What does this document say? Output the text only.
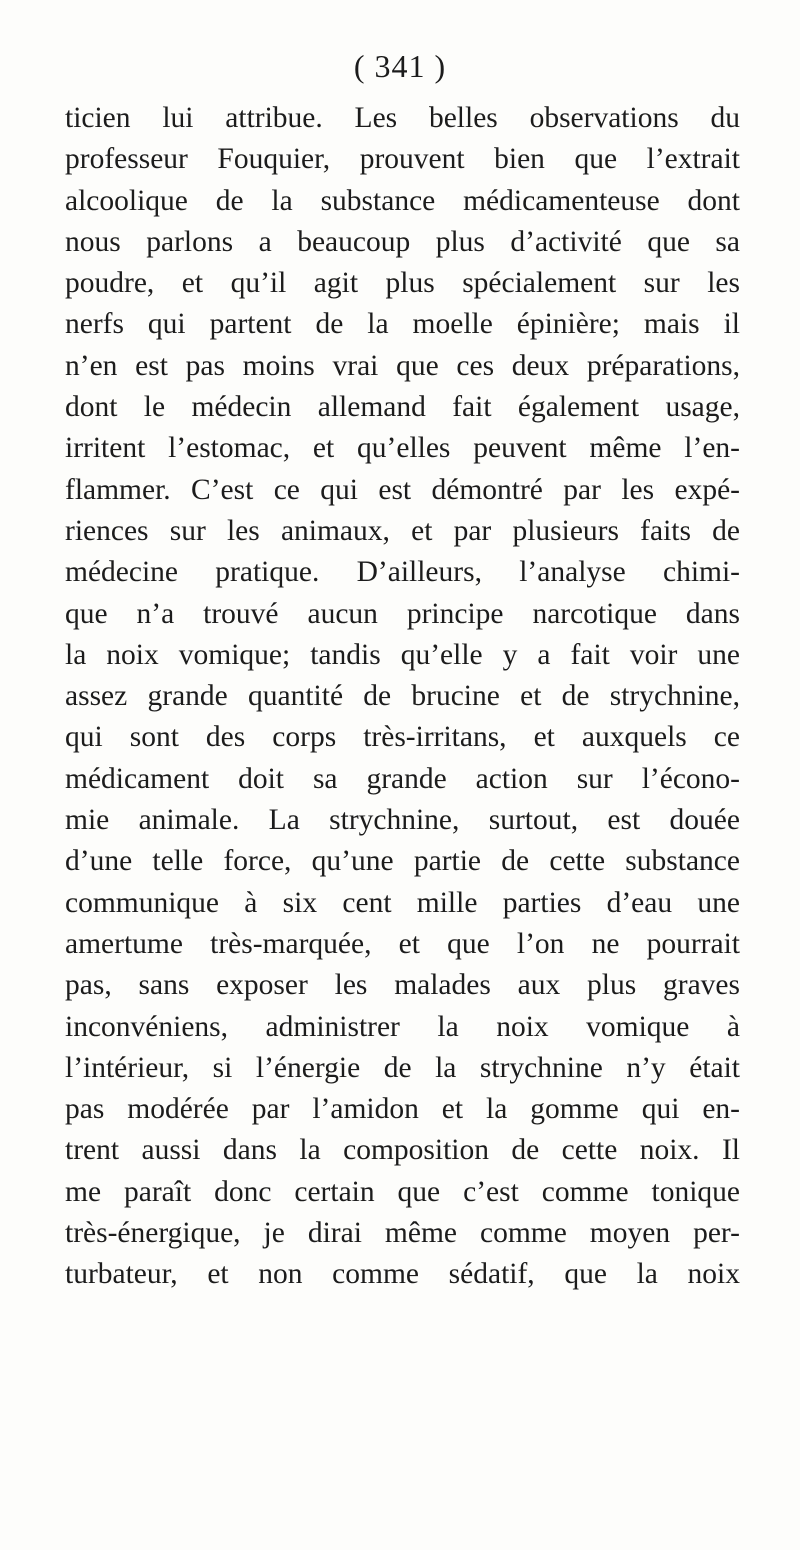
( 341 )
ticien lui attribue. Les belles observations du
professeur Fouquier, prouvent bien que l’extrait
alcoolique de la substance médicamenteuse dont
nous parlons a beaucoup plus d’activité que sa
poudre, et qu’il agit plus spécialement sur les
nerfs qui partent de la moelle épinière; mais il
n’en est pas moins vrai que ces deux préparations,
dont le médecin allemand fait également usage,
irritent l’estomac, et qu’elles peuvent même l’en-
flammer. C’est ce qui est démontré par les expé-
riences sur les animaux, et par plusieurs faits de
médecine pratique. D’ailleurs, l’analyse chimi-
que n’a trouvé aucun principe narcotique dans
la noix vomique; tandis qu’elle y a fait voir une
assez grande quantité de brucine et de strychnine,
qui sont des corps très-irritans, et auxquels ce
médicament doit sa grande action sur l’écono-
mie animale. La strychnine, surtout, est douée
d’une telle force, qu’une partie de cette substance
communique à six cent mille parties d’eau une
amertume très-marquée, et que l’on ne pourrait
pas, sans exposer les malades aux plus graves
inconvéniens, administrer la noix vomique à
l’intérieur, si l’énergie de la strychnine n’y était
pas modérée par l’amidon et la gomme qui en-
trent aussi dans la composition de cette noix. Il
me paraît donc certain que c’est comme tonique
très-énergique, je dirai même comme moyen per-
turbateur, et non comme sédatif, que la noix
